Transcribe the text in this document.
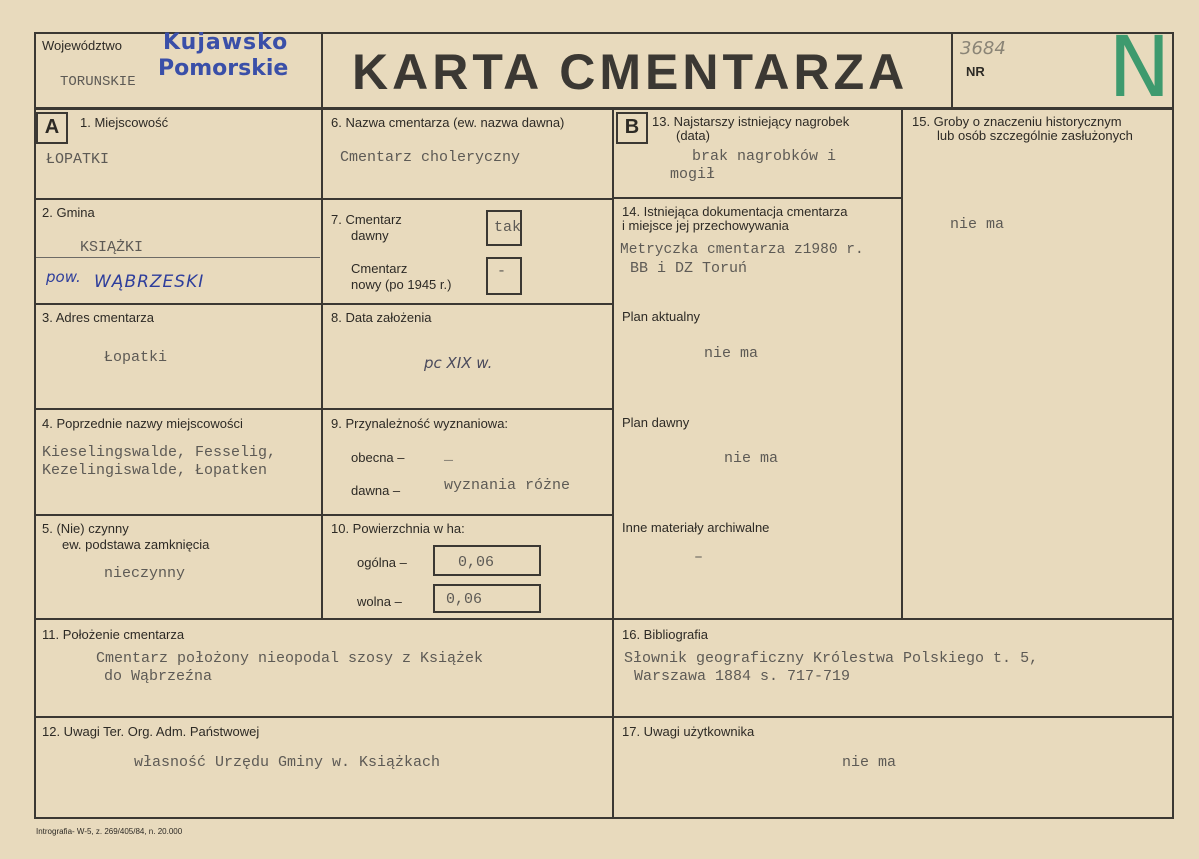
Województwo Kujawsko
Pomorskie
TORUNSKIE	KARTA CMENTARZA	NR
3684 N
A	1. Miejscowość
ŁOPATKI
2. Gmina
KSIĄŻKI
pow. WĄBRZESKI
3. Adres cmentarza
Łopatki
4. Poprzednie nazwy miejscowości
Kieselingswalde, Fesselig,
Kezelingiswalde, Łopatken
5. (Nie) czynny
ew. podstawa zamknięcia
nieczynny
6. Nazwa cmentarza (ew. nazwa dawna)
Cmentarz choleryczny
7. Cmentarz
dawny	tak
Cmentarz
nowy (po 1945 r.)
-
8. Data założenia
pc XIX w.
9. Przynależność wyznaniowa:
obecna –	_
dawna –	wyznania różne
10. Powierzchnia w ha:
ogólna –	0,06
wolna –	0,06
B 13. Najstarszy istniejący nagrobek
(data)
brak nagrobków i
mogił
14. Istniejąca dokumentacja cmentarza
i miejsce jej przechowywania
Metryczka cmentarza z1980 r.
BB i DZ Toruń
Plan aktualny
nie ma
Plan dawny
nie ma
Inne materiały archiwalne
–
15. Groby o znaczeniu historycznym
lub osób szczególnie zasłużonych
nie ma
11. Położenie cmentarza
Cmentarz położony nieopodal szosy z Książek
do Wąbrzeźna
16. Bibliografia
Słownik geograficzny Królestwa Polskiego t. 5,
Warszawa 1884 s. 717-719
12. Uwagi Ter. Org. Adm. Państwowej
własność Urzędu Gminy w. Książkach
17. Uwagi użytkownika
nie ma
Intrografia- W-5, z. 269/405/84, n. 20.000
